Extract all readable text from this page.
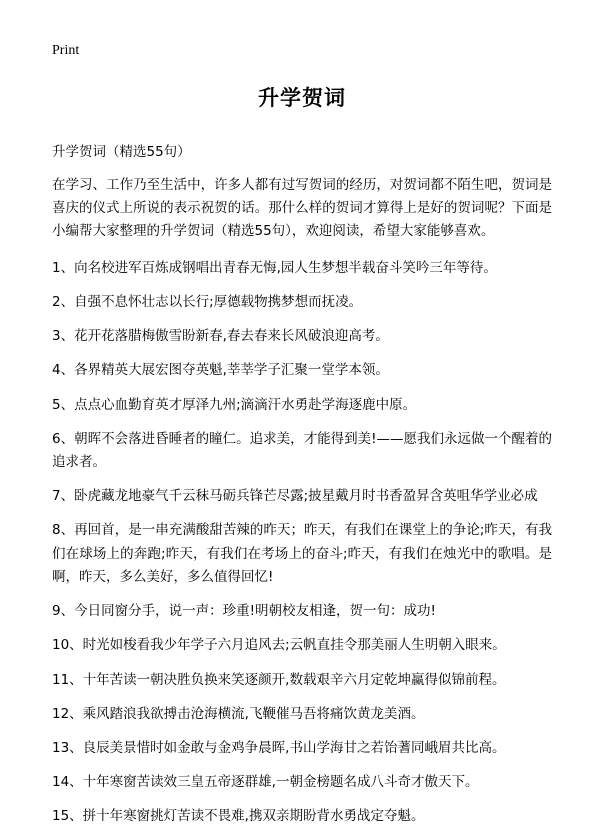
Print
升学贺词
升学贺词（精选55句）

在学习、工作乃至生活中，许多人都有过写贺词的经历，对贺词都不陌生吧，贺词是喜庆的仪式上所说的表示祝贺的话。那什么样的贺词才算得上是好的贺词呢？下面是小编帮大家整理的升学贺词（精选55句），欢迎阅读，希望大家能够喜欢。

1、向名校进军百炼成钢唱出青春无悔,园人生梦想半载奋斗笑吟三年等待。

2、自强不息怀壮志以长行;厚德载物携梦想而抚凌。

3、花开花落腊梅傲雪盼新春,春去春来长风破浪迎高考。

4、各界精英大展宏图夺英魁,莘莘学子汇聚一堂学本领。

5、点点心血勤育英才厚泽九州;滴滴汗水勇赴学海逐鹿中原。

6、朝晖不会落进昏睡者的瞳仁。追求美，才能得到美!——愿我们永远做一个醒着的追求者。

7、卧虎藏龙地豪气千云秣马砺兵锋芒尽露;披星戴月时书香盈昇含英咀华学业必成

8、再回首，是一串充满酸甜苦辣的昨天；昨天，有我们在课堂上的争论;昨天，有我们在球场上的奔跑;昨天，有我们在考场上的奋斗;昨天，有我们在烛光中的歌唱。是啊，昨天，多么美好，多么值得回忆!

9、今日同窗分手，说一声：珍重!明朝校友相逢，贺一句：成功!

10、时光如梭看我少年学子六月追风去;云帆直挂令那美丽人生明朝入眼来。

11、十年苦读一朝决胜负换来笑逐颜开,数载艰辛六月定乾坤赢得似锦前程。

12、乘风踏浪我欲搏击沧海横流,飞鞭催马吾将痛饮黄龙美酒。

13、良辰美景惜时如金敢与金鸡争晨晖,书山学海甘之若饴蓍同峨眉共比高。

14、十年寒窗苦读效三皇五帝逐群雄,一朝金榜题名成八斗奇才傲天下。

15、拼十年寒窗挑灯苦读不畏难,携双亲期盼背水勇战定夺魁。
